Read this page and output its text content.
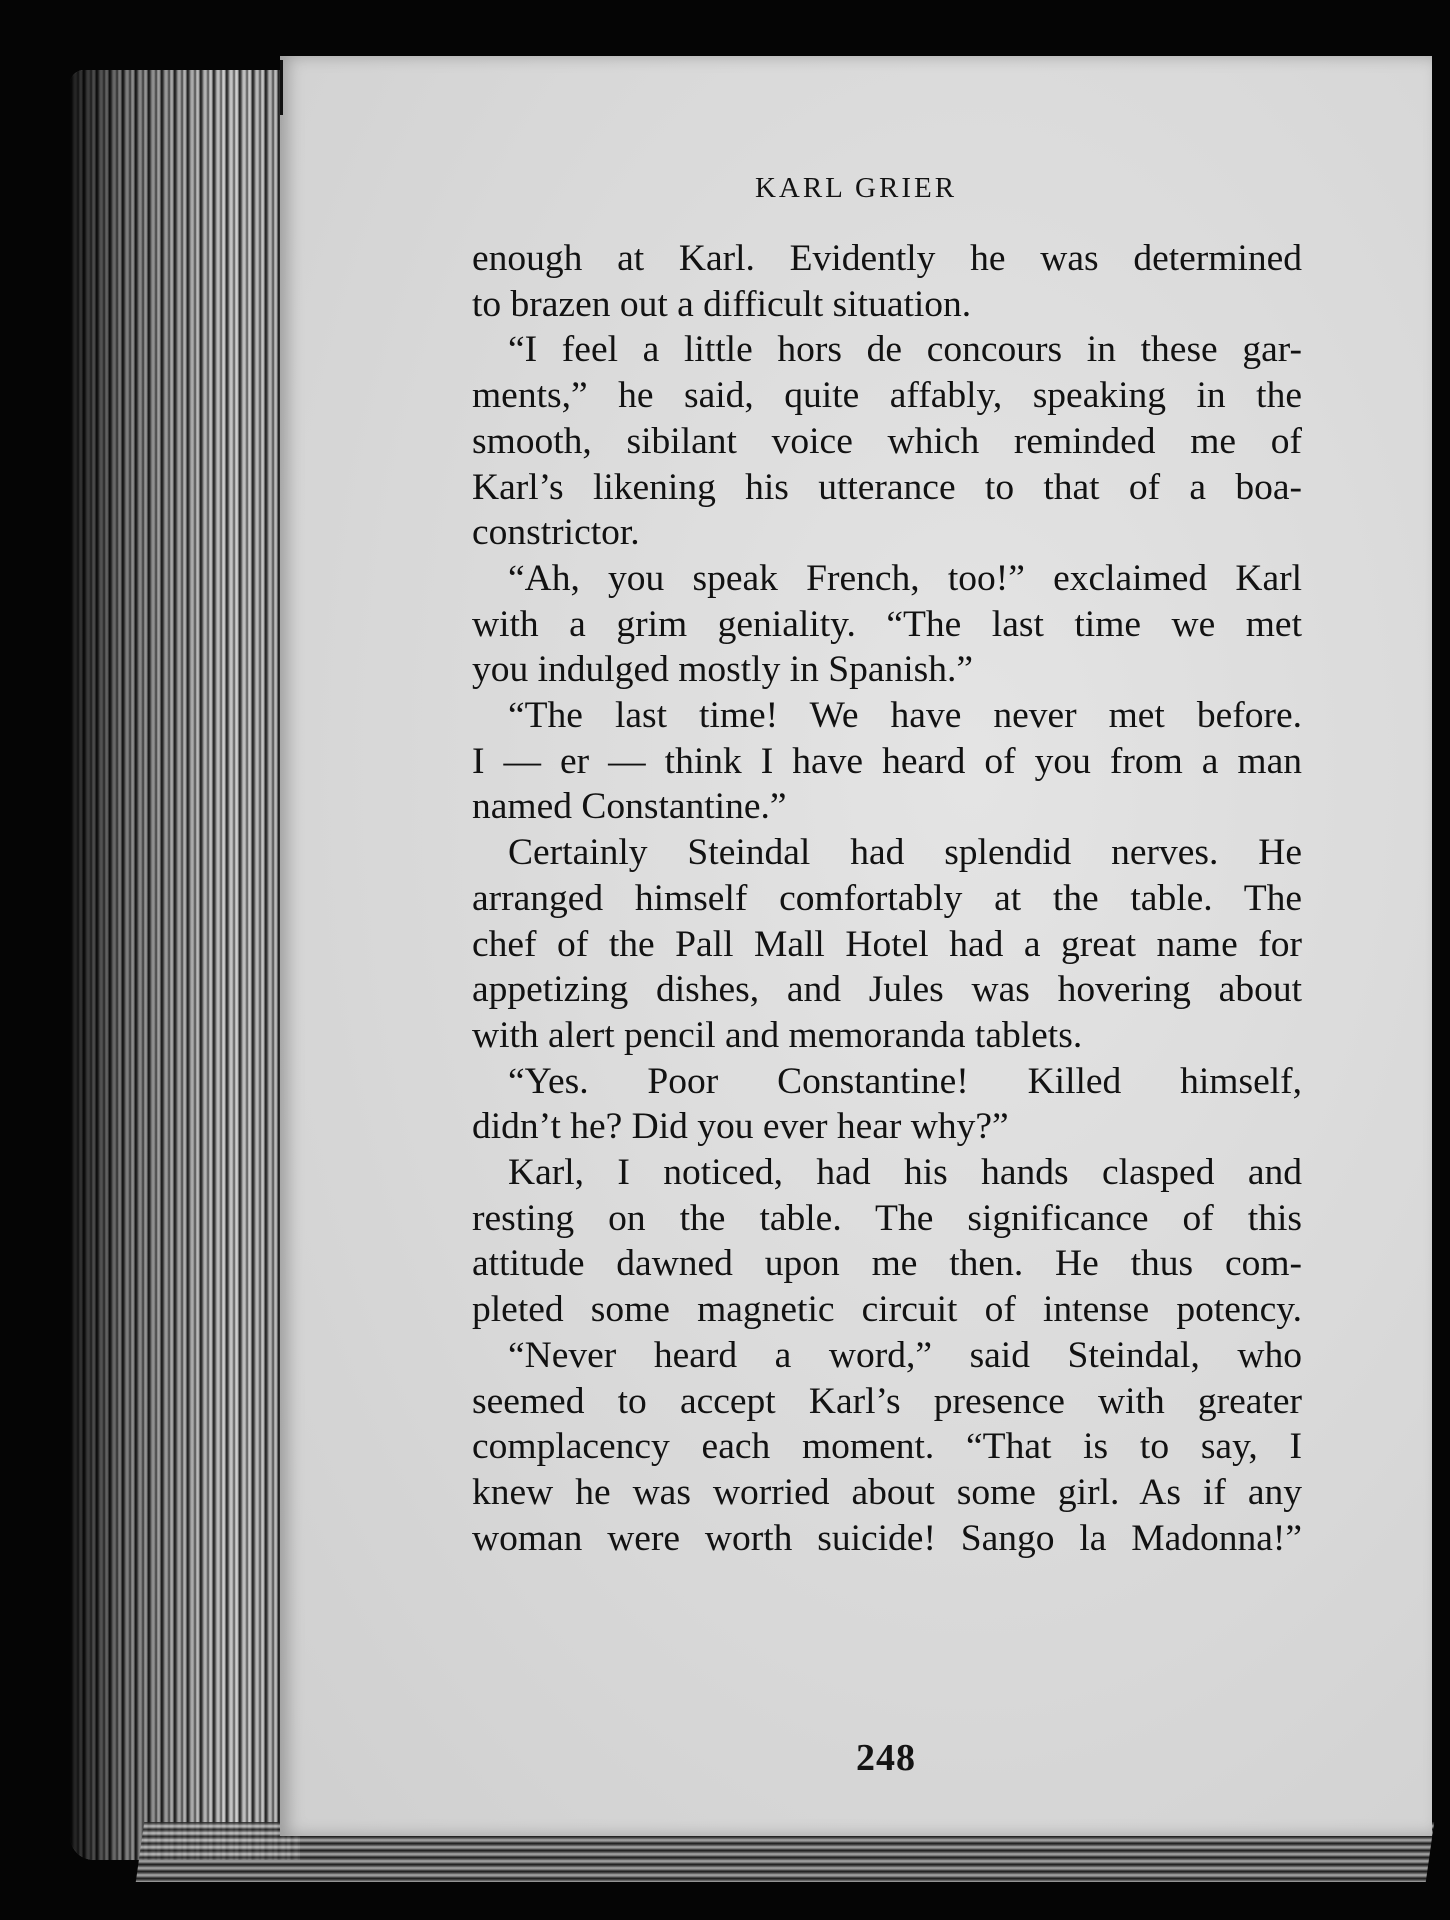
KARL GRIER

enough at Karl. Evidently he was determined
to brazen out a difficult situation.
“I feel a little hors de concours in these gar-
ments,” he said, quite affably, speaking in the
smooth, sibilant voice which reminded me of
Karl’s likening his utterance to that of a boa-
constrictor.
“Ah, you speak French, too!” exclaimed Karl
with a grim geniality. “The last time we met
you indulged mostly in Spanish.”
“The last time! We have never met before.
I — er — think I have heard of you from a man
named Constantine.”
Certainly Steindal had splendid nerves. He
arranged himself comfortably at the table. The
chef of the Pall Mall Hotel had a great name for
appetizing dishes, and Jules was hovering about
with alert pencil and memoranda tablets.
“Yes. Poor Constantine! Killed himself,
didn’t he? Did you ever hear why?”
Karl, I noticed, had his hands clasped and
resting on the table. The significance of this
attitude dawned upon me then. He thus com-
pleted some magnetic circuit of intense potency.
“Never heard a word,” said Steindal, who
seemed to accept Karl’s presence with greater
complacency each moment. “That is to say, I
knew he was worried about some girl. As if any
woman were worth suicide! Sango la Madonna!”

248
